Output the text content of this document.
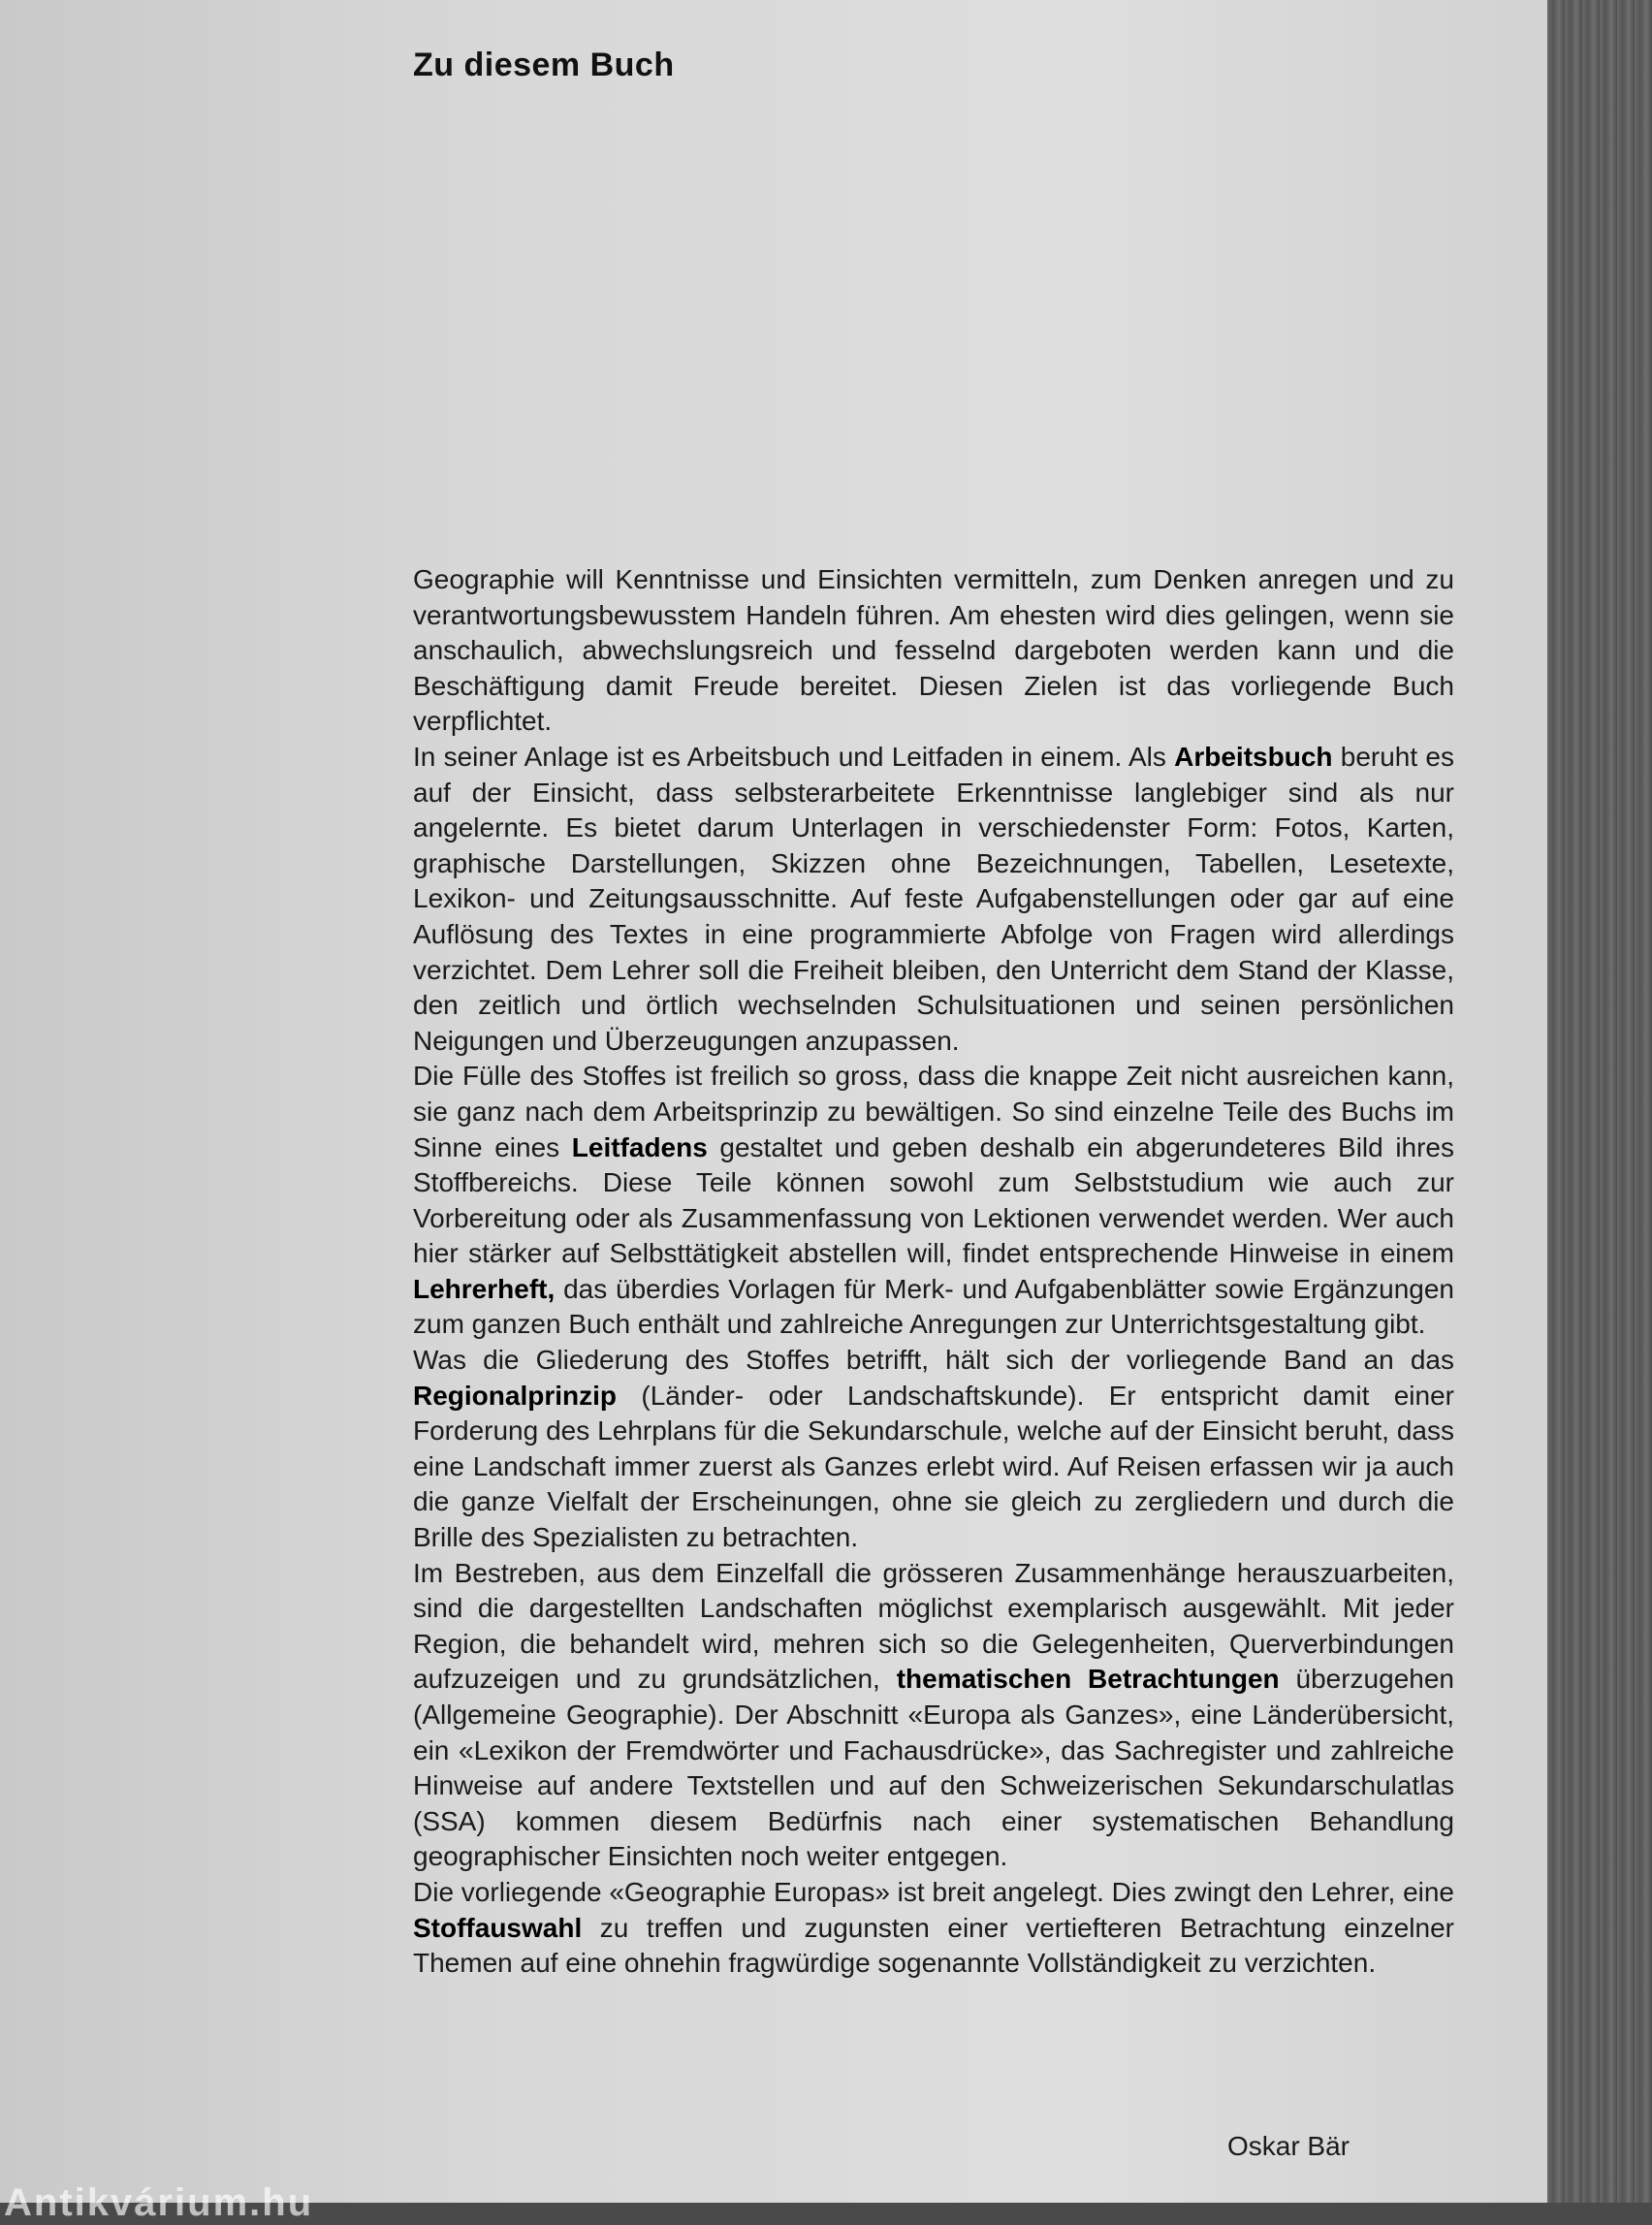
Zu diesem Buch

Geographie will Kenntnisse und Einsichten vermitteln, zum Denken anregen und zu verantwortungsbewusstem Handeln führen. Am ehesten wird dies gelingen, wenn sie anschaulich, abwechslungsreich und fesselnd dargeboten werden kann und die Beschäftigung damit Freude bereitet. Diesen Zielen ist das vorliegende Buch verpflichtet.

In seiner Anlage ist es Arbeitsbuch und Leitfaden in einem. Als Arbeitsbuch beruht es auf der Einsicht, dass selbsterarbeitete Erkenntnisse langlebiger sind als nur angelernte. Es bietet darum Unterlagen in verschiedenster Form: Fotos, Karten, graphische Darstellungen, Skizzen ohne Bezeichnungen, Tabellen, Lesetexte, Lexikon- und Zeitungsausschnitte. Auf feste Aufgabenstellungen oder gar auf eine Auflösung des Textes in eine programmierte Abfolge von Fragen wird allerdings verzichtet. Dem Lehrer soll die Freiheit bleiben, den Unterricht dem Stand der Klasse, den zeitlich und örtlich wechselnden Schulsituationen und seinen persönlichen Neigungen und Überzeugungen anzupassen.

Die Fülle des Stoffes ist freilich so gross, dass die knappe Zeit nicht ausreichen kann, sie ganz nach dem Arbeitsprinzip zu bewältigen. So sind einzelne Teile des Buchs im Sinne eines Leitfadens gestaltet und geben deshalb ein abgerundeteres Bild ihres Stoffbereichs. Diese Teile können sowohl zum Selbststudium wie auch zur Vorbereitung oder als Zusammenfassung von Lektionen verwendet werden. Wer auch hier stärker auf Selbsttätigkeit abstellen will, findet entsprechende Hinweise in einem Lehrerheft, das überdies Vorlagen für Merk- und Aufgabenblätter sowie Ergänzungen zum ganzen Buch enthält und zahlreiche Anregungen zur Unterrichtsgestaltung gibt.

Was die Gliederung des Stoffes betrifft, hält sich der vorliegende Band an das Regionalprinzip (Länder- oder Landschaftskunde). Er entspricht damit einer Forderung des Lehrplans für die Sekundarschule, welche auf der Einsicht beruht, dass eine Landschaft immer zuerst als Ganzes erlebt wird. Auf Reisen erfassen wir ja auch die ganze Vielfalt der Erscheinungen, ohne sie gleich zu zergliedern und durch die Brille des Spezialisten zu betrachten.

Im Bestreben, aus dem Einzelfall die grösseren Zusammenhänge herauszuarbeiten, sind die dargestellten Landschaften möglichst exemplarisch ausgewählt. Mit jeder Region, die behandelt wird, mehren sich so die Gelegenheiten, Querverbindungen aufzuzeigen und zu grundsätzlichen, thematischen Betrachtungen überzugehen (Allgemeine Geographie). Der Abschnitt «Europa als Ganzes», eine Länderübersicht, ein «Lexikon der Fremdwörter und Fachausdrücke», das Sachregister und zahlreiche Hinweise auf andere Textstellen und auf den Schweizerischen Sekundarschulatlas (SSA) kommen diesem Bedürfnis nach einer systematischen Behandlung geographischer Einsichten noch weiter entgegen.

Die vorliegende «Geographie Europas» ist breit angelegt. Dies zwingt den Lehrer, eine Stoffauswahl zu treffen und zugunsten einer vertiefteren Betrachtung einzelner Themen auf eine ohnehin fragwürdige sogenannte Vollständigkeit zu verzichten.

Oskar Bär
Antikvárium.hu
